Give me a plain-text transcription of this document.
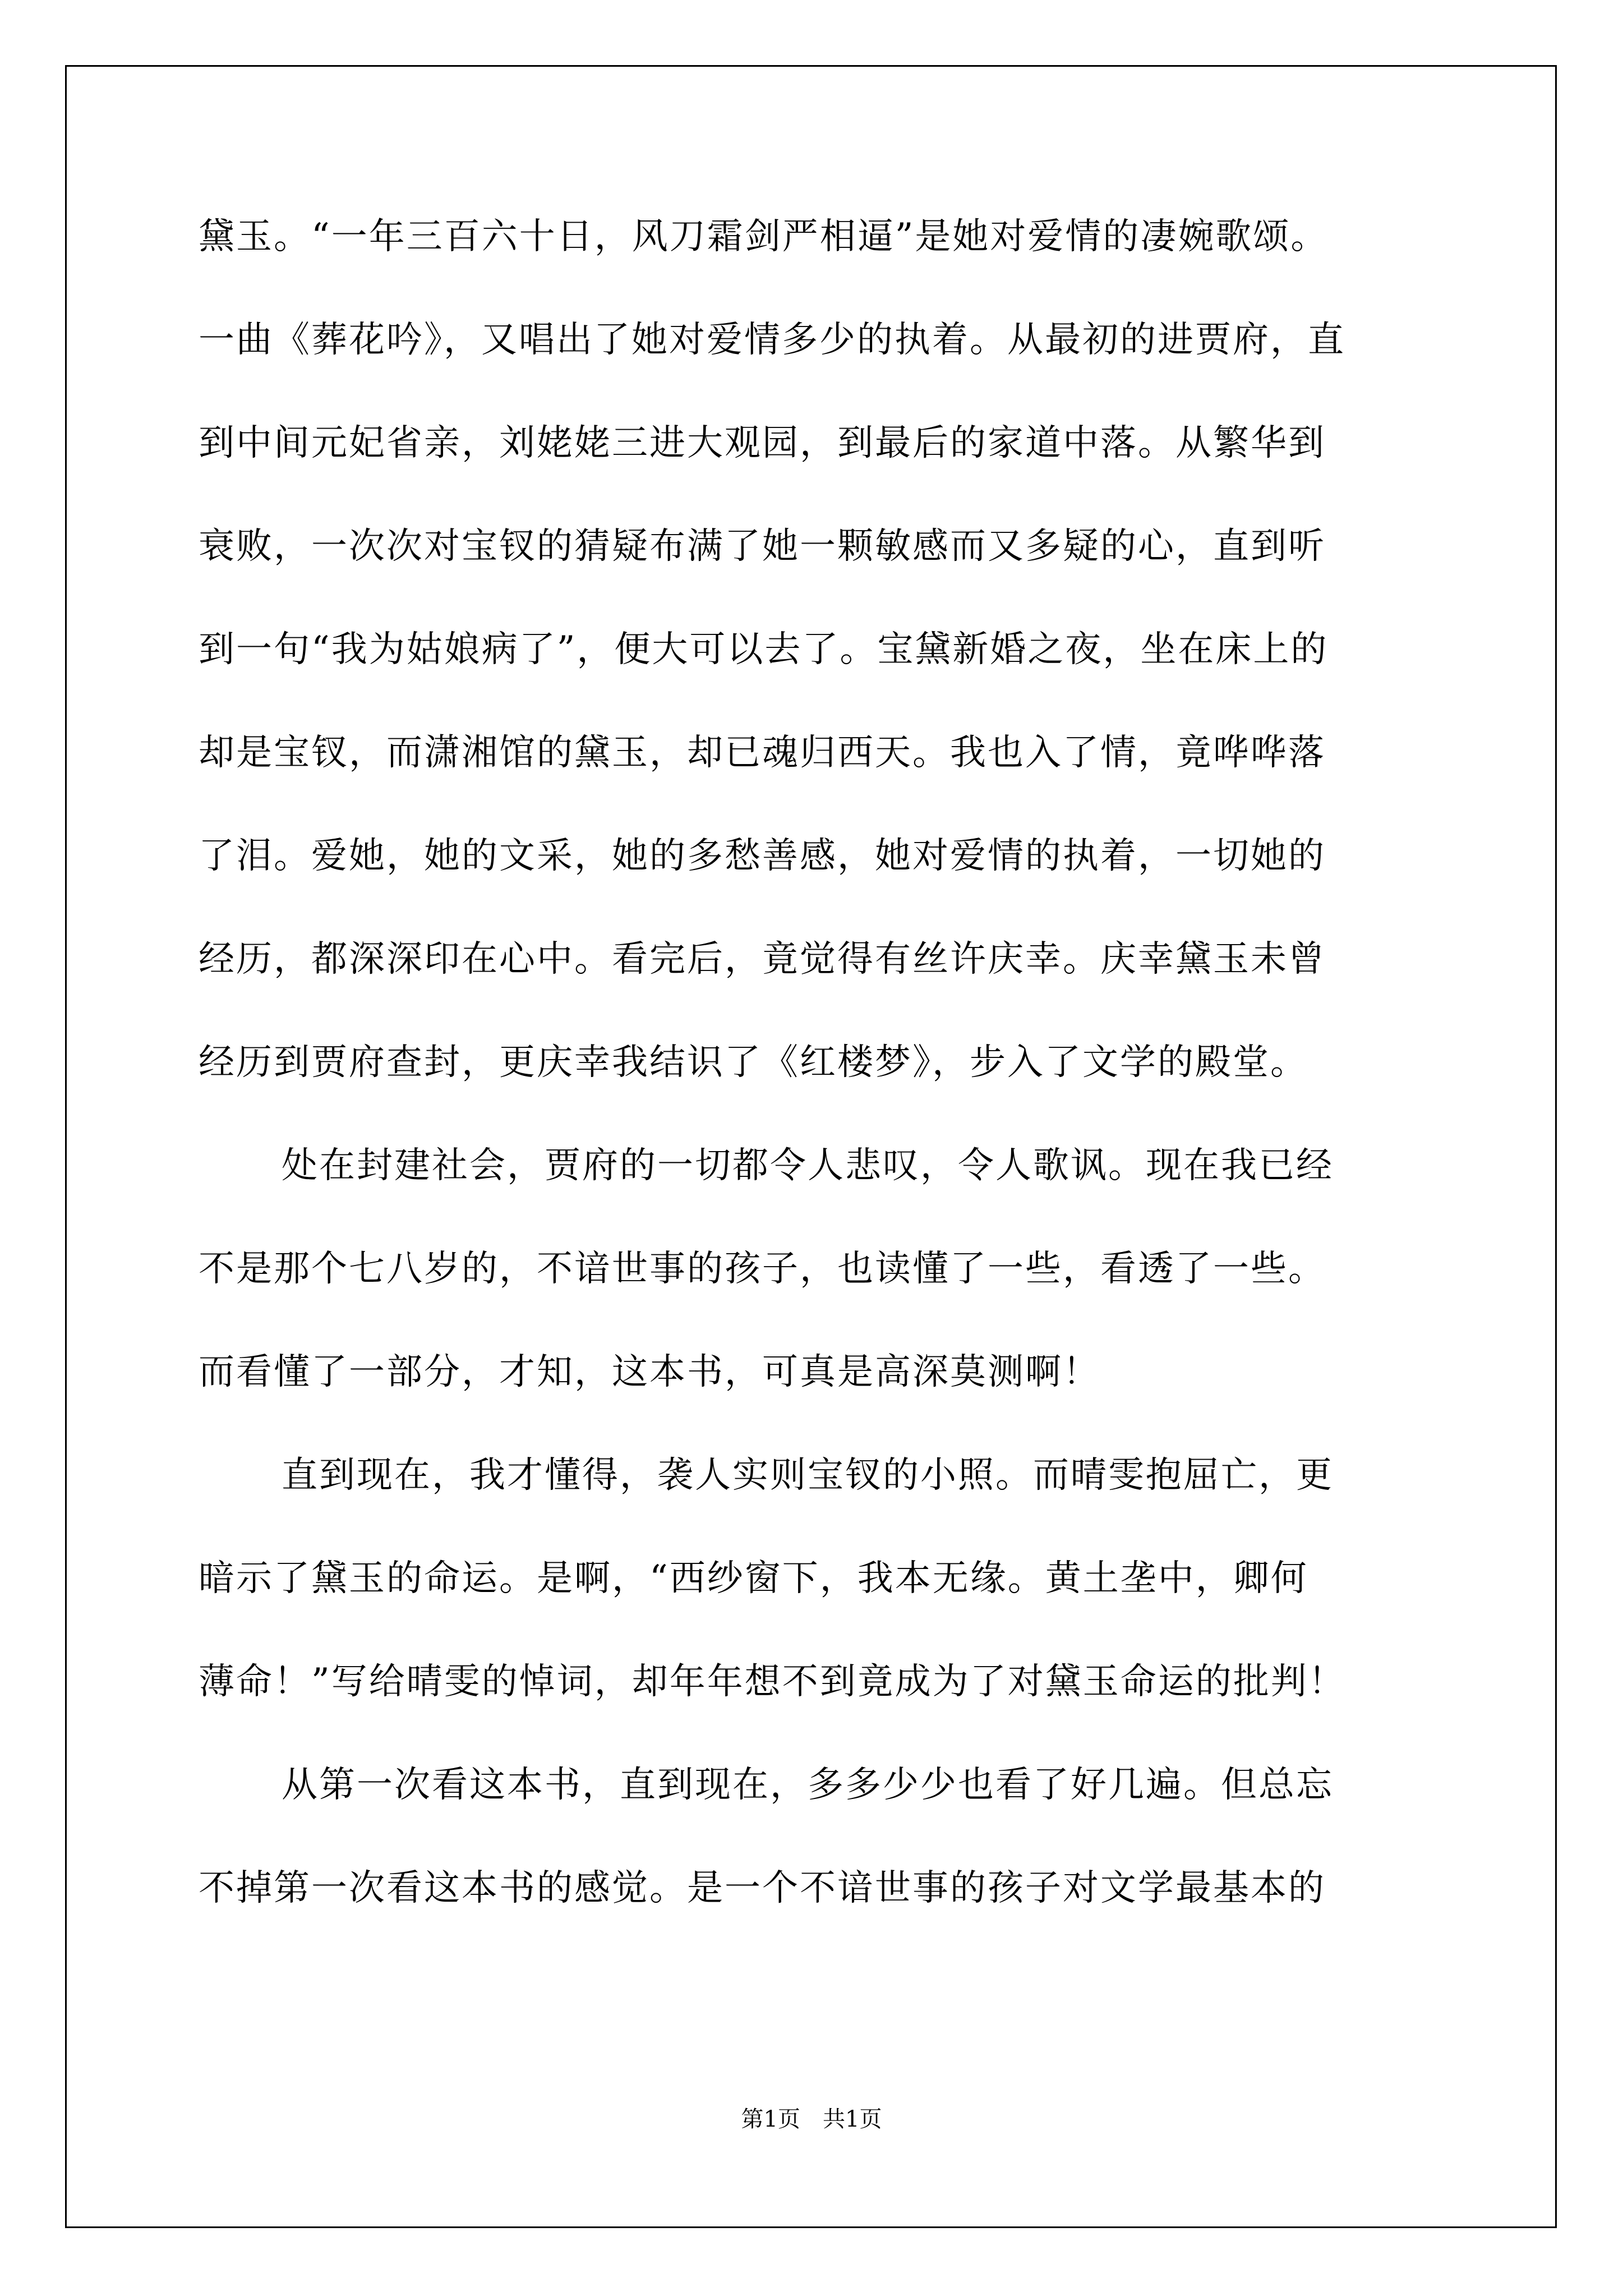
黛玉。“一年三百六十日，风刀霜剑严相逼”是她对爱情的凄婉歌颂。
一曲《葬花吟》，又唱出了她对爱情多少的执着。从最初的进贾府，直
到中间元妃省亲，刘姥姥三进大观园，到最后的家道中落。从繁华到
衰败，一次次对宝钗的猜疑布满了她一颗敏感而又多疑的心，直到听
到一句“我为姑娘病了”，便大可以去了。宝黛新婚之夜，坐在床上的
却是宝钗，而潇湘馆的黛玉，却已魂归西天。我也入了情，竟哗哗落
了泪。爱她，她的文采，她的多愁善感，她对爱情的执着，一切她的
经历，都深深印在心中。看完后，竟觉得有丝许庆幸。庆幸黛玉未曾
经历到贾府查封，更庆幸我结识了《红楼梦》，步入了文学的殿堂。
处在封建社会，贾府的一切都令人悲叹，令人歌讽。现在我已经
不是那个七八岁的，不谙世事的孩子，也读懂了一些，看透了一些。
而看懂了一部分，才知，这本书，可真是高深莫测啊！
直到现在，我才懂得，袭人实则宝钗的小照。而晴雯抱屈亡，更
暗示了黛玉的命运。是啊，“西纱窗下，我本无缘。黄土垄中，卿何
薄命！”写给晴雯的悼词，却年年想不到竟成为了对黛玉命运的批判！
从第一次看这本书，直到现在，多多少少也看了好几遍。但总忘
不掉第一次看这本书的感觉。是一个不谙世事的孩子对文学最基本的
第1页 共1页
